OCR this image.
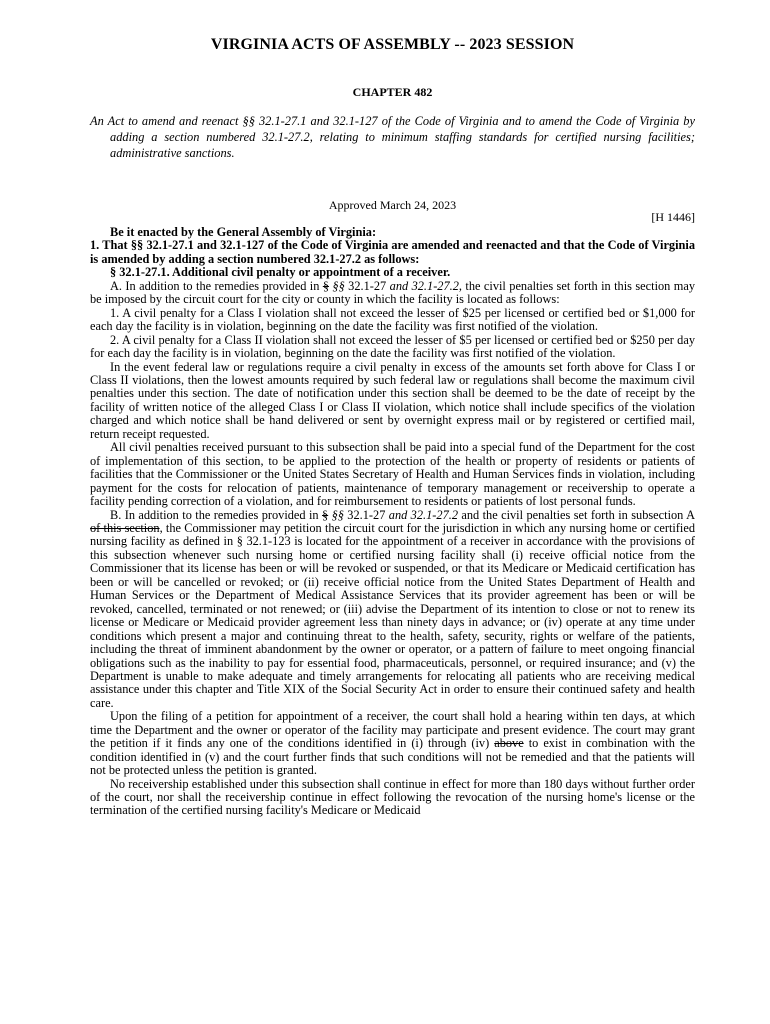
VIRGINIA ACTS OF ASSEMBLY -- 2023 SESSION
CHAPTER 482
An Act to amend and reenact §§ 32.1-27.1 and 32.1-127 of the Code of Virginia and to amend the Code of Virginia by adding a section numbered 32.1-27.2, relating to minimum staffing standards for certified nursing facilities; administrative sanctions.
Approved March 24, 2023
[H 1446]

Be it enacted by the General Assembly of Virginia:

1. That §§ 32.1-27.1 and 32.1-127 of the Code of Virginia are amended and reenacted and that the Code of Virginia is amended by adding a section numbered 32.1-27.2 as follows:

§ 32.1-27.1. Additional civil penalty or appointment of a receiver.

A. In addition to the remedies provided in § §§ 32.1-27 and 32.1-27.2, the civil penalties set forth in this section may be imposed by the circuit court for the city or county in which the facility is located as follows:

1. A civil penalty for a Class I violation shall not exceed the lesser of $25 per licensed or certified bed or $1,000 for each day the facility is in violation, beginning on the date the facility was first notified of the violation.

2. A civil penalty for a Class II violation shall not exceed the lesser of $5 per licensed or certified bed or $250 per day for each day the facility is in violation, beginning on the date the facility was first notified of the violation.

In the event federal law or regulations require a civil penalty in excess of the amounts set forth above for Class I or Class II violations, then the lowest amounts required by such federal law or regulations shall become the maximum civil penalties under this section. The date of notification under this section shall be deemed to be the date of receipt by the facility of written notice of the alleged Class I or Class II violation, which notice shall include specifics of the violation charged and which notice shall be hand delivered or sent by overnight express mail or by registered or certified mail, return receipt requested.

All civil penalties received pursuant to this subsection shall be paid into a special fund of the Department for the cost of implementation of this section, to be applied to the protection of the health or property of residents or patients of facilities that the Commissioner or the United States Secretary of Health and Human Services finds in violation, including payment for the costs for relocation of patients, maintenance of temporary management or receivership to operate a facility pending correction of a violation, and for reimbursement to residents or patients of lost personal funds.

B. In addition to the remedies provided in § §§ 32.1-27 and 32.1-27.2 and the civil penalties set forth in subsection A of this section, the Commissioner may petition the circuit court for the jurisdiction in which any nursing home or certified nursing facility as defined in § 32.1-123 is located for the appointment of a receiver in accordance with the provisions of this subsection whenever such nursing home or certified nursing facility shall (i) receive official notice from the Commissioner that its license has been or will be revoked or suspended, or that its Medicare or Medicaid certification has been or will be cancelled or revoked; or (ii) receive official notice from the United States Department of Health and Human Services or the Department of Medical Assistance Services that its provider agreement has been or will be revoked, cancelled, terminated or not renewed; or (iii) advise the Department of its intention to close or not to renew its license or Medicare or Medicaid provider agreement less than ninety days in advance; or (iv) operate at any time under conditions which present a major and continuing threat to the health, safety, security, rights or welfare of the patients, including the threat of imminent abandonment by the owner or operator, or a pattern of failure to meet ongoing financial obligations such as the inability to pay for essential food, pharmaceuticals, personnel, or required insurance; and (v) the Department is unable to make adequate and timely arrangements for relocating all patients who are receiving medical assistance under this chapter and Title XIX of the Social Security Act in order to ensure their continued safety and health care.

Upon the filing of a petition for appointment of a receiver, the court shall hold a hearing within ten days, at which time the Department and the owner or operator of the facility may participate and present evidence. The court may grant the petition if it finds any one of the conditions identified in (i) through (iv) above to exist in combination with the condition identified in (v) and the court further finds that such conditions will not be remedied and that the patients will not be protected unless the petition is granted.

No receivership established under this subsection shall continue in effect for more than 180 days without further order of the court, nor shall the receivership continue in effect following the revocation of the nursing home's license or the termination of the certified nursing facility's Medicare or Medicaid
